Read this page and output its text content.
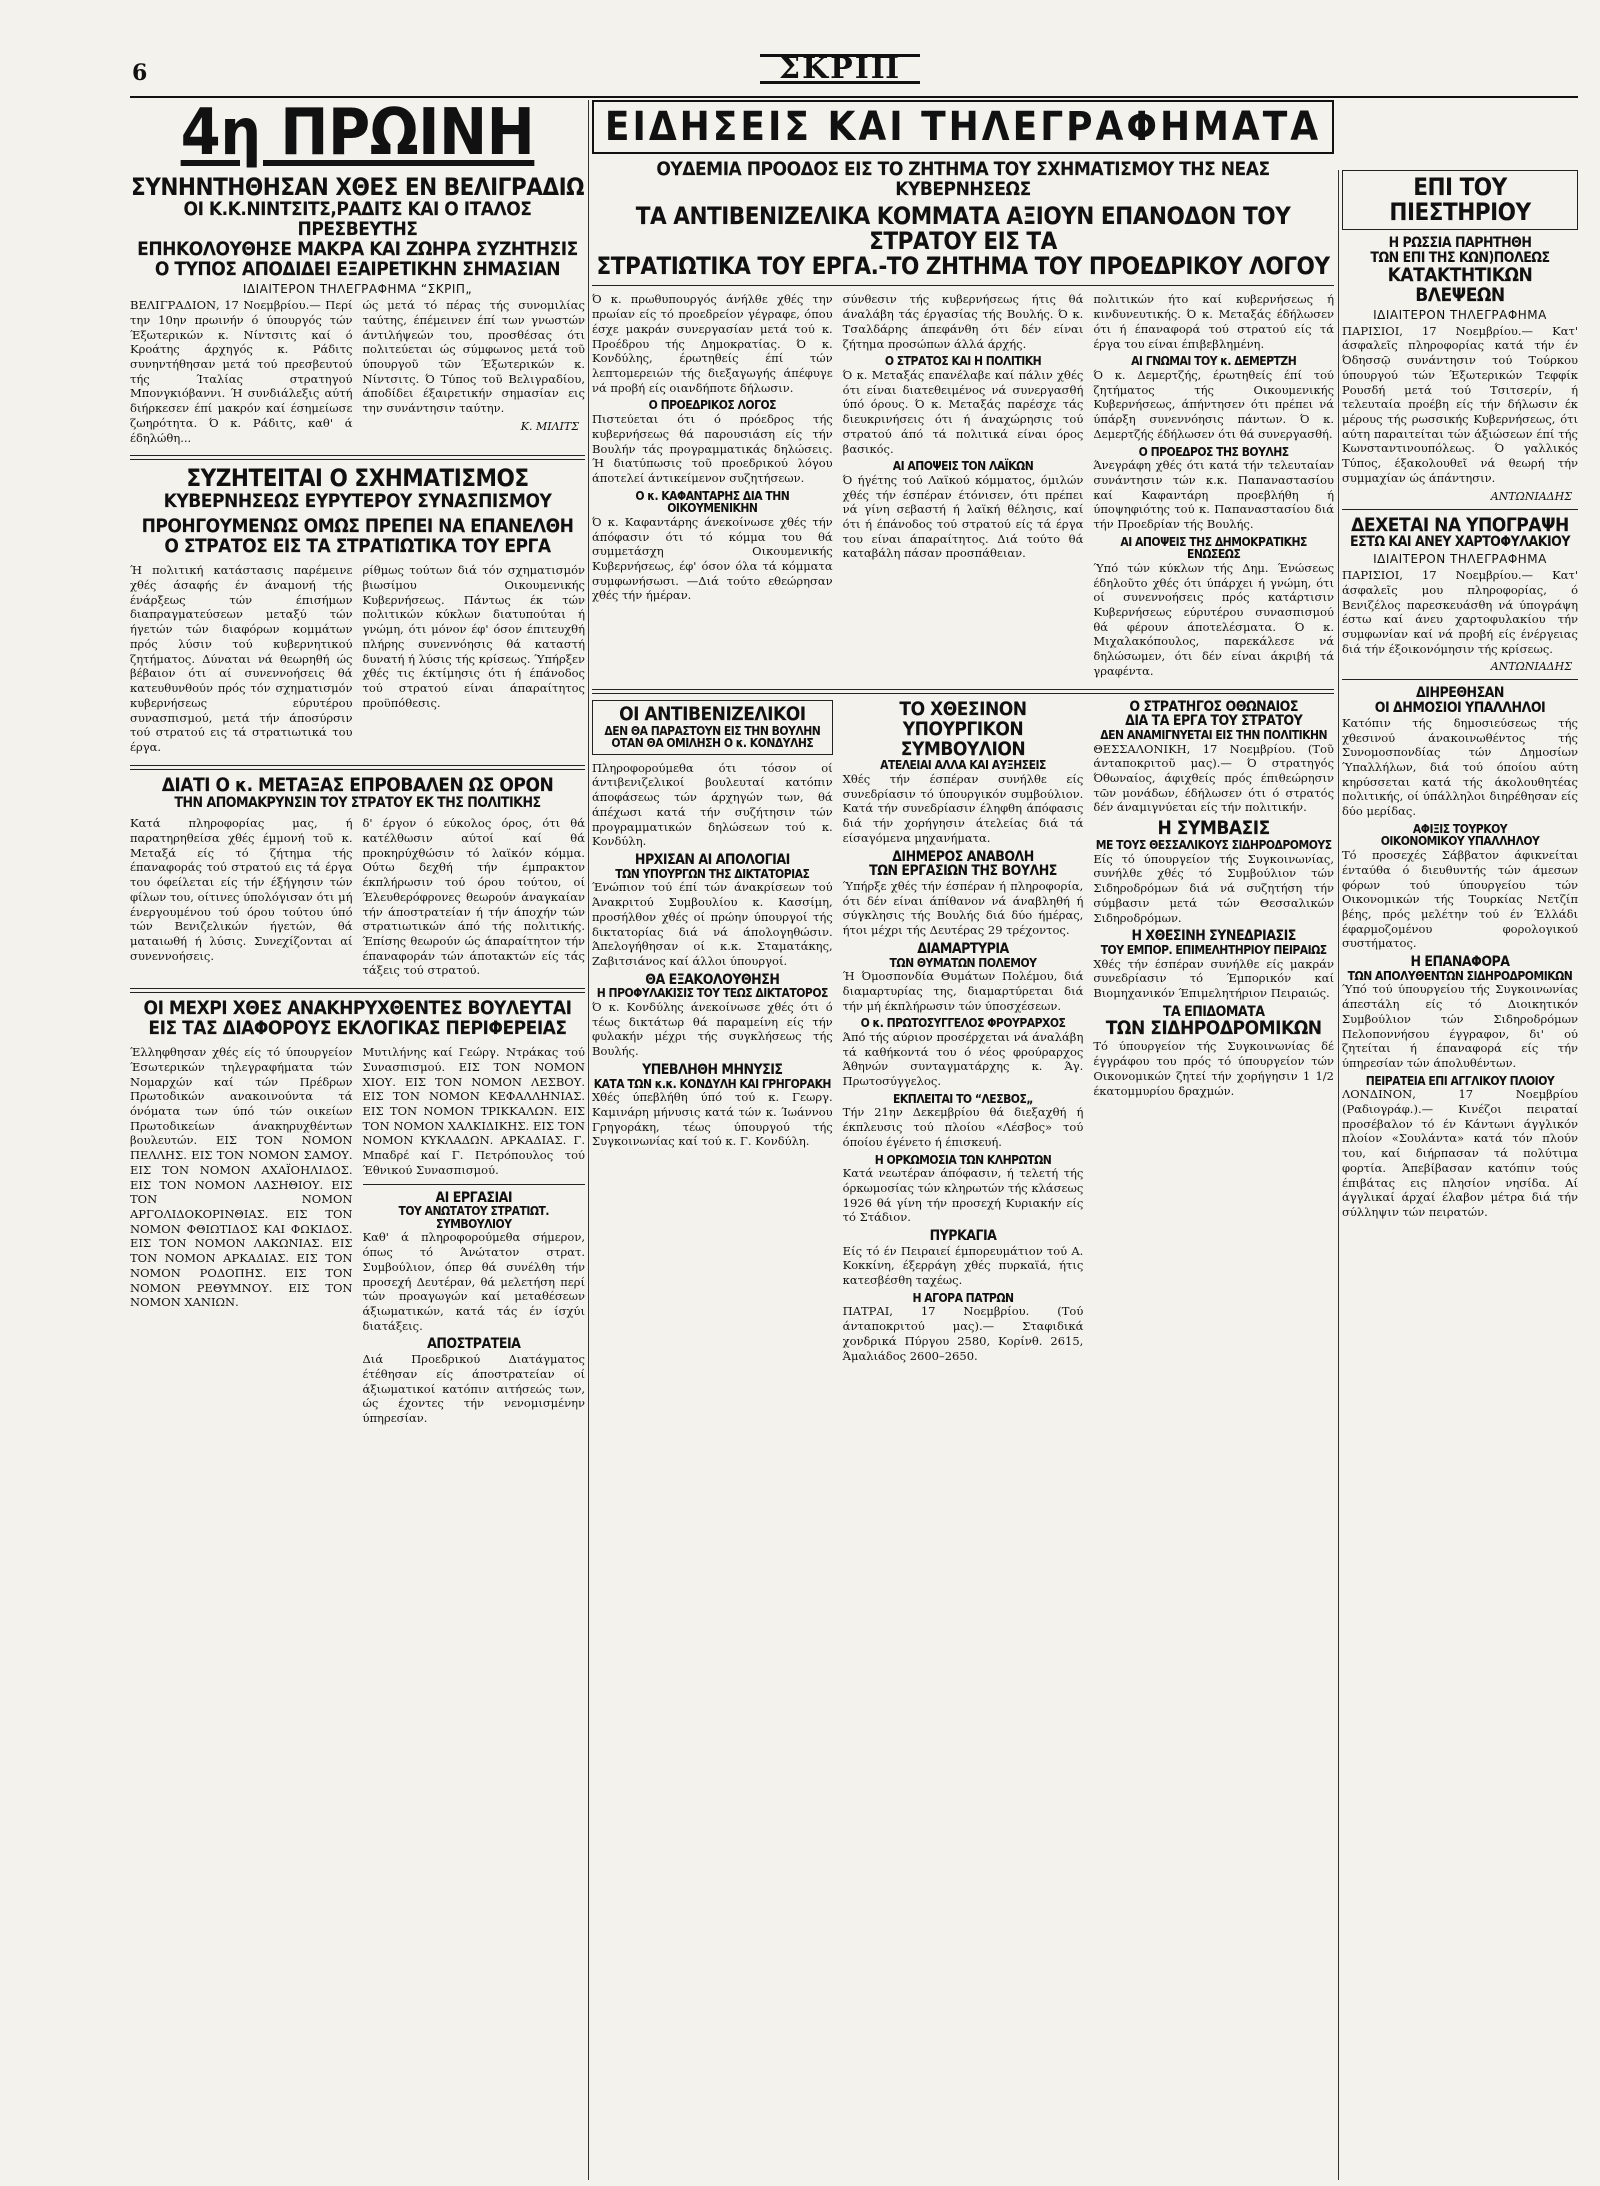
6	ΣΚΡΙΠ
4η ΠΡΩΙΝΗ
ΣΥΝΗΝΤΗΘΗΣΑΝ ΧΘΕΣ ΕΝ ΒΕΛΙΓΡΑΔΙΩ
ΟΙ Κ.Κ.ΝΙΝΤΣΙΤΣ,ΡΑΔΙΤΣ ΚΑΙ Ο ΙΤΑΛΟΣ ΠΡΕΣΒΕΥΤΗΣ
ΕΠΗΚΟΛΟΥΘΗΣΕ ΜΑΚΡΑ ΚΑΙ ΖΩΗΡΑ ΣΥΖΗΤΗΣΙΣ
Ο ΤΥΠΟΣ ΑΠΟΔΙΔΕΙ ΕΞΑΙΡΕΤΙΚΗΝ ΣΗΜΑΣΙΑΝ
ΙΔΙΑΙΤΕΡΟΝ ΤΗΛΕΓΡΑΦΗΜΑ “ΣΚΡΙΠ„

ΒΕΛΙΓΡΑΔΙΟΝ, 17 Νοεμβρίου.— Περί την 10ην πρωινήν ό ύπουργός τών Έξωτερικών κ. Νίντσιτς καί ό Κροάτης άρχηγός κ. Ράδιτς συνηντήθησαν μετά τού πρεσβευτού τής Ίταλίας στρατηγού Μπονγκιόβαννι. Ή συνδιάλεξις αύτή διήρκεσεν έπί μακρόν καί έσημείωσε ζωηρότητα. Ό κ. Ράδιτς, καθ' ά έδηλώθη...

ώς μετά τό πέρας τής συνομιλίας ταύτης, έπέμεινεν έπί των γνωστών άντιλήψεών του, προσθέσας ότι πολιτεύεται ώς σύμφωνος μετά τοῦ ύπουργοῦ τῶν Έξωτερικών κ. Νίντσιτς. Ό Τύπος τοῦ Βελιγραδίου, άποδίδει έξαιρετικήν σημασίαν εις την συνάντησιν ταύτην.

Κ. ΜΙΛΙΤΣ
ΣΥΖΗΤΕΙΤΑΙ Ο ΣΧΗΜΑΤΙΣΜΟΣ
ΚΥΒΕΡΝΗΣΕΩΣ ΕΥΡΥΤΕΡΟΥ ΣΥΝΑΣΠΙΣΜΟΥ
ΠΡΟΗΓΟΥΜΕΝΩΣ ΟΜΩΣ ΠΡΕΠΕΙ ΝΑ ΕΠΑΝΕΛΘΗ
Ο ΣΤΡΑΤΟΣ ΕΙΣ ΤΑ ΣΤΡΑΤΙΩΤΙΚΑ ΤΟΥ ΕΡΓΑ

Ή πολιτική κατάστασις παρέμεινε χθές άσαφής έν άναμονή τής ένάρξεως τών έπισήμων διαπραγματεύσεων μεταξύ τών ήγετών τών διαφόρων κομμάτων πρός λύσιν τού κυβερνητικού ζητήματος. Δύναται νά θεωρηθή ώς βέβαιον ότι αί συνεννοήσεις θά κατευθυνθούν πρός τόν σχηματισμόν κυβερνήσεως εύρυτέρου συνασπισμού, μετά τήν άποσύρσιν τού στρατού εις τά στρατιωτικά του έργα.

ρίθμως τούτων διά τόν σχηματισμόν βιωσίμου Οικουμενικής Κυβερνήσεως. Πάντως έκ τών πολιτικών κύκλων διατυπούται ή γνώμη, ότι μόνον έφ' όσον έπιτευχθή πλήρης συνεννόησις θά καταστή δυνατή ή λύσις τής κρίσεως. Ύπήρξεν χθές τις έκτίμησις ότι ή έπάνοδος τού στρατού είναι άπαραίτητος προϋπόθεσις.

ΔΙΑΤΙ Ο κ. ΜΕΤΑΞΑΣ ΕΠΡΟΒΑΛΕΝ ΩΣ ΟΡΟΝ
ΤΗΝ ΑΠΟΜΑΚΡΥΝΣΙΝ ΤΟΥ ΣΤΡΑΤΟΥ ΕΚ ΤΗΣ ΠΟΛΙΤΙΚΗΣ

Κατά πληροφορίας μας, ή παρατηρηθείσα χθές έμμονή τοῦ κ. Μεταξά είς τό ζήτημα τής έπαναφοράς τού στρατού εις τά έργα του όφείλεται είς τήν έξήγησιν τών φίλων του, οίτινες ύπολόγισαν ότι μή ένεργουμένου τού όρου τούτου ύπό τών Βενιζελικών ήγετών, θά ματαιωθή ή λύσις. Συνεχίζονται αί συνεννοήσεις.

δ' έργον ό εύκολος όρος, ότι θά κατέλθωσιν αύτοί καί θά προκηρύχθώσιν τό λαϊκόν κόμμα. Ούτω δεχθή τήν έμπρακτον έκπλήρωσιν τού όρου τούτου, οί Έλευθερόφρονες θεωρούν άναγκαίαν τήν άποστρατείαν ή τήν άποχήν τών στρατιωτικών άπό τής πολιτικής. Έπίσης θεωρούν ώς άπαραίτητον τήν έπαναφοράν τών άποτακτών είς τάς τάξεις τού στρατού.

ΟΙ ΜΕΧΡΙ ΧΘΕΣ ΑΝΑΚΗΡΥΧΘΕΝΤΕΣ ΒΟΥΛΕΥΤΑΙ
ΕΙΣ ΤΑΣ ΔΙΑΦΟΡΟΥΣ ΕΚΛΟΓΙΚΑΣ ΠΕΡΙΦΕΡΕΙΑΣ

Έλληφθησαν χθές είς τό ύπουργείον Έσωτερικών τηλεγραφήματα τών Νομαρχών καί τών Πρέδρων Πρωτοδικών ανακοινούντα τά όνόματα των ύπό τών οικείων Πρωτοδικείων άνακηρυχθέντων βουλευτών. ΕΙΣ ΤΟΝ ΝΟΜΟΝ ΠΕΛΛΗΣ. ΕΙΣ ΤΟΝ ΝΟΜΟΝ ΣΑΜΟΥ. ΕΙΣ ΤΟΝ ΝΟΜΟΝ ΑΧΑΪΟΗΛΙΔΟΣ. ΕΙΣ ΤΟΝ ΝΟΜΟΝ ΛΑΣΗΘΙΟΥ. ΕΙΣ ΤΟΝ ΝΟΜΟΝ ΑΡΓΟΛΙΔΟΚΟΡΙΝΘΙΑΣ. ΕΙΣ ΤΟΝ ΝΟΜΟΝ ΦΘΙΩΤΙΔΟΣ ΚΑΙ ΦΩΚΙΔΟΣ. ΕΙΣ ΤΟΝ ΝΟΜΟΝ ΛΑΚΩΝΙΑΣ. ΕΙΣ ΤΟΝ ΝΟΜΟΝ ΑΡΚΑΔΙΑΣ. ΕΙΣ ΤΟΝ ΝΟΜΟΝ ΡΟΔΟΠΗΣ. ΕΙΣ ΤΟΝ ΝΟΜΟΝ ΡΕΘΥΜΝΟΥ. ΕΙΣ ΤΟΝ ΝΟΜΟΝ ΧΑΝΙΩΝ.

Μυτιλήνης καί Γεώργ. Ντράκας τού Συνασπισμού. ΕΙΣ ΤΟΝ ΝΟΜΟΝ ΧΙΟΥ. ΕΙΣ ΤΟΝ ΝΟΜΟΝ ΛΕΣΒΟΥ. ΕΙΣ ΤΟΝ ΝΟΜΟΝ ΚΕΦΑΛΛΗΝΙΑΣ. ΕΙΣ ΤΟΝ ΝΟΜΟΝ ΤΡΙΚΚΑΛΩΝ. ΕΙΣ ΤΟΝ ΝΟΜΟΝ ΧΑΛΚΙΔΙΚΗΣ. ΕΙΣ ΤΟΝ ΝΟΜΟΝ ΚΥΚΛΑΔΩΝ. ΑΡΚΑΔΙΑΣ. Γ. Μπαδρέ καί Γ. Πετρόπουλος τού Έθνικού Συνασπισμού.

ΑΙ ΕΡΓΑΣΙΑΙ
ΤΟΥ ΑΝΩΤΑΤΟΥ ΣΤΡΑΤΙΩΤ. ΣΥΜΒΟΥΛΙΟΥ

Καθ' ά πληροφορούμεθα σήμερον, όπως τό Άνώτατον στρατ. Συμβούλιον, όπερ θά συνέλθη τήν προσεχή Δευτέραν, θά μελετήση περί τών προαγωγών καί μεταθέσεων άξιωματικών, κατά τάς έν ίσχύι διατάξεις.

ΑΠΟΣΤΡΑΤΕΙΑ

Διά Προεδρικού Διατάγματος έτέθησαν είς άποστρατείαν οί άξιωματικοί κατόπιν αιτήσεώς των, ώς έχοντες τήν νενομισμένην ύπηρεσίαν.

ΕΙΔΗΣΕΙΣ ΚΑΙ ΤΗΛΕΓΡΑΦΗΜΑΤΑ
ΟΥΔΕΜΙΑ ΠΡΟΟΔΟΣ ΕΙΣ ΤΟ ΖΗΤΗΜΑ ΤΟΥ ΣΧΗΜΑΤΙΣΜΟΥ ΤΗΣ ΝΕΑΣ ΚΥΒΕΡΝΗΣΕΩΣ
ΤΑ ΑΝΤΙΒΕΝΙΖΕΛΙΚΑ ΚΟΜΜΑΤΑ ΑΞΙΟΥΝ ΕΠΑΝΟΔΟΝ ΤΟΥ ΣΤΡΑΤΟΥ ΕΙΣ ΤΑ
ΣΤΡΑΤΙΩΤΙΚΑ ΤΟΥ ΕΡΓΑ.-ΤΟ ΖΗΤΗΜΑ ΤΟΥ ΠΡΟΕΔΡΙΚΟΥ ΛΟΓΟΥ

Ό κ. πρωθυπουργός άνήλθε χθές την πρωίαν είς τό προεδρείον γέγραφε, όπου έσχε μακράν συνεργασίαν μετά τού κ. Προέδρου τής Δημοκρατίας. Ό κ. Κονδύλης, έρωτηθείς έπί τών λεπτομερειών τής διεξαγωγής άπέφυγε νά προβή είς οιανδήποτε δήλωσιν.

Ο ΠΡΟΕΔΡΙΚΟΣ ΛΟΓΟΣ

Πιστεύεται ότι ό πρόεδρος τής κυβερνήσεως θά παρουσιάση είς τήν Βουλήν τάς προγραμματικάς δηλώσεις. Ή διατύπωσις τοῦ προεδρικού λόγου άποτελεί άντικείμενον συζητήσεων.

Ο κ. ΚΑΦΑΝΤΑΡΗΣ ΔΙΑ ΤΗΝ ΟΙΚΟΥΜΕΝΙΚΗΝ

Ό κ. Καφαντάρης άνεκοίνωσε χθές τήν άπόφασιν ότι τό κόμμα του θά συμμετάσχη Οικουμενικής Κυβερνήσεως, έφ' όσον όλα τά κόμματα συμφωνήσωσι. —Διά τούτο εθεώρησαν χθές τήν ήμέραν.

σύνθεσιν τής κυβερνήσεως ήτις θά άναλάβη τάς έργασίας τής Βουλής. Ό κ. Τσαλδάρης άπεφάνθη ότι δέν είναι ζήτημα προσώπων άλλά άρχής.

Ο ΣΤΡΑΤΟΣ ΚΑΙ Η ΠΟΛΙΤΙΚΗ

Ό κ. Μεταξάς επανέλαβε καί πάλιν χθές ότι είναι διατεθειμένος νά συνεργασθή ύπό όρους. Ό κ. Μεταξάς παρέσχε τάς διευκρινήσεις ότι ή άναχώρησις τού στρατού άπό τά πολιτικά είναι όρος βασικός.

ΑΙ ΑΠΟΨΕΙΣ ΤΟΝ ΛΑΪΚΩΝ

Ό ήγέτης τού Λαϊκού κόμματος, όμιλών χθές τήν έσπέραν έτόνισεν, ότι πρέπει νά γίνη σεβαστή ή λαϊκή θέλησις, καί ότι ή έπάνοδος τού στρατού είς τά έργα του είναι άπαραίτητος. Διά τούτο θά καταβάλη πάσαν προσπάθειαν.

πολιτικών ήτο καί κυβερνήσεως ή κινδυνευτικής. Ό κ. Μεταξάς έδήλωσεν ότι ή έπαναφορά τού στρατού είς τά έργα του είναι έπιβεβλημένη.

ΑΙ ΓΝΩΜΑΙ ΤΟΥ κ. ΔΕΜΕΡΤΖΗ

Ό κ. Δεμερτζής, έρωτηθείς έπί τού ζητήματος τής Οικουμενικής Κυβερνήσεως, άπήντησεν ότι πρέπει νά ύπάρξη συνεννόησις πάντων. Ό κ. Δεμερτζής έδήλωσεν ότι θά συνεργασθή.

Ο ΠΡΟΕΔΡΟΣ ΤΗΣ ΒΟΥΛΗΣ

Άνεγράφη χθές ότι κατά τήν τελευταίαν συνάντησιν τών κ.κ. Παπαναστασίου καί Καφαντάρη προεβλήθη ή ύποψηφιότης τού κ. Παπαναστασίου διά τήν Προεδρίαν τής Βουλής.

ΑΙ ΑΠΟΨΕΙΣ ΤΗΣ ΔΗΜΟΚΡΑΤΙΚΗΣ ΕΝΩΣΕΩΣ

Ύπό τών κύκλων τής Δημ. Ένώσεως έδηλοῦτο χθές ότι ύπάρχει ή γνώμη, ότι οί συνεννοήσεις πρός κατάρτισιν Κυβερνήσεως εύρυτέρου συνασπισμού θά φέρουν άποτελέσματα. Ό κ. Μιχαλακόπουλος, παρεκάλεσε νά δηλώσωμεν, ότι δέν είναι άκριβή τά γραφέντα.

ΟΙ ΑΝΤΙΒΕΝΙΖΕΛΙΚΟΙ
ΔΕΝ ΘΑ ΠΑΡΑΣΤΟΥΝ ΕΙΣ ΤΗΝ ΒΟΥΛΗΝ
ΟΤΑΝ ΘΑ ΟΜΙΛΗΣΗ Ο κ. ΚΟΝΔΥΛΗΣ

Πληροφορούμεθα ότι τόσον οί άντιβενιζελικοί βουλευταί κατόπιν άποφάσεως τών άρχηγών των, θά άπέχωσι κατά τήν συζήτησιν τών προγραμματικών δηλώσεων τού κ. Κονδύλη.

ΗΡΧΙΣΑΝ ΑΙ ΑΠΟΛΟΓΙΑΙ
ΤΩΝ ΥΠΟΥΡΓΩΝ ΤΗΣ ΔΙΚΤΑΤΟΡΙΑΣ

Ένώπιον τού έπί τών άνακρίσεων τού Άνακριτού Συμβουλίου κ. Κασσίμη, προσήλθον χθές οί πρώην ύπουργοί τής δικτατορίας διά νά άπολογηθώσιν. Άπελογήθησαν οί κ.κ. Σταματάκης, Ζαβιτσιάνος καί άλλοι ύπουργοί.

ΘΑ ΕΞΑΚΟΛΟΥΘΗΣΗ
Η ΠΡΟΦΥΛΑΚΙΣΙΣ ΤΟΥ ΤΕΩΣ ΔΙΚΤΑΤΟΡΟΣ

Ό κ. Κονδύλης άνεκοίνωσε χθές ότι ό τέως δικτάτωρ θά παραμείνη είς τήν φυλακήν μέχρι τής συγκλήσεως τής Βουλής.

ΥΠΕΒΛΗΘΗ ΜΗΝΥΣΙΣ
ΚΑΤΑ ΤΩΝ κ.κ. ΚΟΝΔΥΛΗ ΚΑΙ ΓΡΗΓΟΡΑΚΗ

Χθές ύπεβλήθη ύπό τού κ. Γεωργ. Καμινάρη μήνυσις κατά τών κ. Ίωάννου Γρηγοράκη, τέως ύπουργού τής Συγκοινωνίας καί τού κ. Γ. Κονδύλη.

ΤΟ ΧΘΕΣΙΝΟΝ
ΥΠΟΥΡΓΙΚΟΝ ΣΥΜΒΟΥΛΙΟΝ
ΑΤΕΛΕΙΑΙ ΑΛΛΑ ΚΑΙ ΑΥΞΗΣΕΙΣ

Χθές τήν έσπέραν συνήλθε είς συνεδρίασιν τό ύπουργικόν συμβούλιον. Κατά τήν συνεδρίασιν έληφθη άπόφασις διά τήν χορήγησιν άτελείας διά τά είσαγόμενα μηχανήματα.

ΔΙΗΜΕΡΟΣ ΑΝΑΒΟΛΗ
ΤΩΝ ΕΡΓΑΣΙΩΝ ΤΗΣ ΒΟΥΛΗΣ

Ύπήρξε χθές τήν έσπέραν ή πληροφορία, ότι δέν είναι άπίθανον νά άναβληθή ή σύγκλησις τής Βουλής διά δύο ήμέρας, ήτοι μέχρι τής Δευτέρας 29 τρέχοντος.

ΔΙΑΜΑΡΤΥΡΙΑ
ΤΩΝ ΘΥΜΑΤΩΝ ΠΟΛΕΜΟΥ

Ή Όμοσπονδία Θυμάτων Πολέμου, διά διαμαρτυρίας της, διαμαρτύρεται διά τήν μή έκπλήρωσιν τών ύποσχέσεων.

Ο κ. ΠΡΩΤΟΣΥΓΓΕΛΟΣ ΦΡΟΥΡΑΡΧΟΣ

Άπό τής αύριον προσέρχεται νά άναλάβη τά καθήκοντά του ό νέος φρούραρχος Άθηνών συνταγματάρχης κ. Άγ. Πρωτοσύγγελος.

ΕΚΠΛΕΙΤΑΙ ΤΟ “ΛΕΣΒΟΣ„

Τήν 21ην Δεκεμβρίου θά διεξαχθή ή έκπλευσις τού πλοίου «Λέσβος» τού όποίου έγένετο ή έπισκευή.

Η ΟΡΚΩΜΟΣΙΑ ΤΩΝ ΚΛΗΡΩΤΩΝ

Κατά νεωτέραν άπόφασιν, ή τελετή τής όρκωμοσίας τών κληρωτών τής κλάσεως 1926 θά γίνη τήν προσεχή Κυριακήν είς τό Στάδιον.

ΠΥΡΚΑΓΙΑ

Είς τό έν Πειραιεί έμπορευμάτιον τού Α. Κοκκίνη, έξερράγη χθές πυρκαϊά, ήτις κατεσβέσθη ταχέως.

Η ΑΓΟΡΑ ΠΑΤΡΩΝ

ΠΑΤΡΑΙ, 17 Νοεμβρίου. (Τού άνταποκριτού μας).— Σταφιδικά χονδρικά Πύργου 2580, Κορίνθ. 2615, Άμαλιάδος 2600–2650.

Ο ΣΤΡΑΤΗΓΟΣ ΟΘΩΝΑΙΟΣ
ΔΙΑ ΤΑ ΕΡΓΑ ΤΟΥ ΣΤΡΑΤΟΥ
ΔΕΝ ΑΝΑΜΙΓΝΥΕΤΑΙ ΕΙΣ ΤΗΝ ΠΟΛΙΤΙΚΗΝ

ΘΕΣΣΑΛΟΝΙΚΗ, 17 Νοεμβρίου. (Τοῦ άνταποκριτοῦ μας).— Ό στρατηγός Όθωναίος, άφιχθείς πρός έπιθεώρησιν τῶν μονάδων, έδήλωσεν ότι ό στρατός δέν άναμιγνύεται είς τήν πολιτικήν.

Η ΣΥΜΒΑΣΙΣ
ΜΕ ΤΟΥΣ ΘΕΣΣΑΛΙΚΟΥΣ ΣΙΔΗΡΟΔΡΟΜΟΥΣ

Είς τό ύπουργείον τής Συγκοινωνίας, συνήλθε χθές τό Συμβούλιον τών Σιδηροδρόμων διά νά συζητήση τήν σύμβασιν μετά τών Θεσσαλικών Σιδηροδρόμων.

Η ΧΘΕΣΙΝΗ ΣΥΝΕΔΡΙΑΣΙΣ
ΤΟΥ ΕΜΠΟΡ. ΕΠΙΜΕΛΗΤΗΡΙΟΥ ΠΕΙΡΑΙΩΣ

Χθές τήν έσπέραν συνήλθε είς μακράν συνεδρίασιν τό Έμπορικόν καί Βιομηχανικόν Έπιμελητήριον Πειραιώς.

ΤΑ ΕΠΙΔΟΜΑΤΑ
ΤΩΝ ΣΙΔΗΡΟΔΡΟΜΙΚΩΝ

Τό ύπουργείον τής Συγκοινωνίας δέ έγγράφου του πρός τό ύπουργείον τών Οικονομικών ζητεί τήν χορήγησιν 1 1/2 έκατομμυρίου δραχμών.

ΕΠΙ ΤΟΥ ΠΙΕΣΤΗΡΙΟΥ
Η ΡΩΣΣΙΑ ΠΑΡΗΤΗΘΗ
ΤΩΝ ΕΠΙ ΤΗΣ ΚΩΝ)ΠΟΛΕΩΣ
ΚΑΤΑΚΤΗΤΙΚΩΝ ΒΛΕΨΕΩΝ
ΙΔΙΑΙΤΕΡΟΝ ΤΗΛΕΓΡΑΦΗΜΑ

ΠΑΡΙΣΙΟΙ, 17 Νοεμβρίου.— Κατ' άσφαλεῖς πληροφορίας κατά τήν έν Όδησσῷ συνάντησιν τού Τούρκου ύπουργού τών Έξωτερικών Τεφφίκ Ρουσδή μετά τού Τσιτσερίν, ή τελευταία προέβη είς τήν δήλωσιν έκ μέρους τής ρωσσικής Κυβερνήσεως, ότι αύτη παραιτείται τών άξιώσεων έπί τής Κωνσταντινουπόλεως. Ό γαλλικός Τύπος, έξακολουθεῖ νά θεωρή τήν συμμαχίαν ώς άπάντησιν.

ΑΝΤΩΝΙΑΔΗΣ
ΔΕΧΕΤΑΙ ΝΑ ΥΠΟΓΡΑΨΗ
ΕΣΤΩ ΚΑΙ ΑΝΕΥ ΧΑΡΤΟΦΥΛΑΚΙΟΥ
ΙΔΙΑΙΤΕΡΟΝ ΤΗΛΕΓΡΑΦΗΜΑ

ΠΑΡΙΣΙΟΙ, 17 Νοεμβρίου.— Κατ' άσφαλεῖς μου πληροφορίας, ό Βενιζέλος παρεσκευάσθη νά ύπογράψη έστω καί άνευ χαρτοφυλακίου τήν συμφωνίαν καί νά προβή είς ένέργειας διά τήν έξοικονόμησιν τής κρίσεως.

ΑΝΤΩΝΙΑΔΗΣ
ΔΙΗΡΕΘΗΣΑΝ
ΟΙ ΔΗΜΟΣΙΟΙ ΥΠΑΛΛΗΛΟΙ

Κατόπιν τής δημοσιεύσεως τής χθεσινού άνακοινωθέντος τής Συνομοσπονδίας τών Δημοσίων Ύπαλλήλων, διά τού όποίου αύτη κηρύσσεται κατά τής άκολουθητέας πολιτικής, οί ύπάλληλοι διηρέθησαν είς δύο μερίδας.

ΑΦΙΞΙΣ ΤΟΥΡΚΟΥ
ΟΙΚΟΝΟΜΙΚΟΥ ΥΠΑΛΛΗΛΟΥ

Τό προσεχές Σάββατον άφικνείται ένταύθα ό διευθυντής τών άμεσων φόρων τού ύπουργείου τών Οικονομικών τής Τουρκίας Νετζίπ βέης, πρός μελέτην τού έν Έλλάδι έφαρμοζομένου φορολογικού συστήματος.

Η ΕΠΑΝΑΦΟΡΑ
ΤΩΝ ΑΠΟΛΥΘΕΝΤΩΝ ΣΙΔΗΡΟΔΡΟΜΙΚΩΝ

Ύπό τού ύπουργείου τής Συγκοινωνίας άπεστάλη είς τό Διοικητικόν Συμβούλιον τών Σιδηροδρόμων Πελοποννήσου έγγραφον, δι' ού ζητείται ή έπαναφορά είς τήν ύπηρεσίαν τών άπολυθέντων.

ΠΕΙΡΑΤΕΙΑ ΕΠΙ ΑΓΓΛΙΚΟΥ ΠΛΟΙΟΥ

ΛΟΝΔΙΝΟΝ, 17 Νοεμβρίου (Ραδιογράφ.).— Κινέζοι πειραταί προσέβαλον τό έν Κάντωνι άγγλικόν πλοίον «Σουλάντα» κατά τόν πλούν του, καί διήρπασαν τά πολύτιμα φορτία. Άπεβίβασαν κατόπιν τούς έπιβάτας εις πλησίον νησίδα. Αί άγγλικαί άρχαί έλαβον μέτρα διά τήν σύλληψιν τών πειρατών.
